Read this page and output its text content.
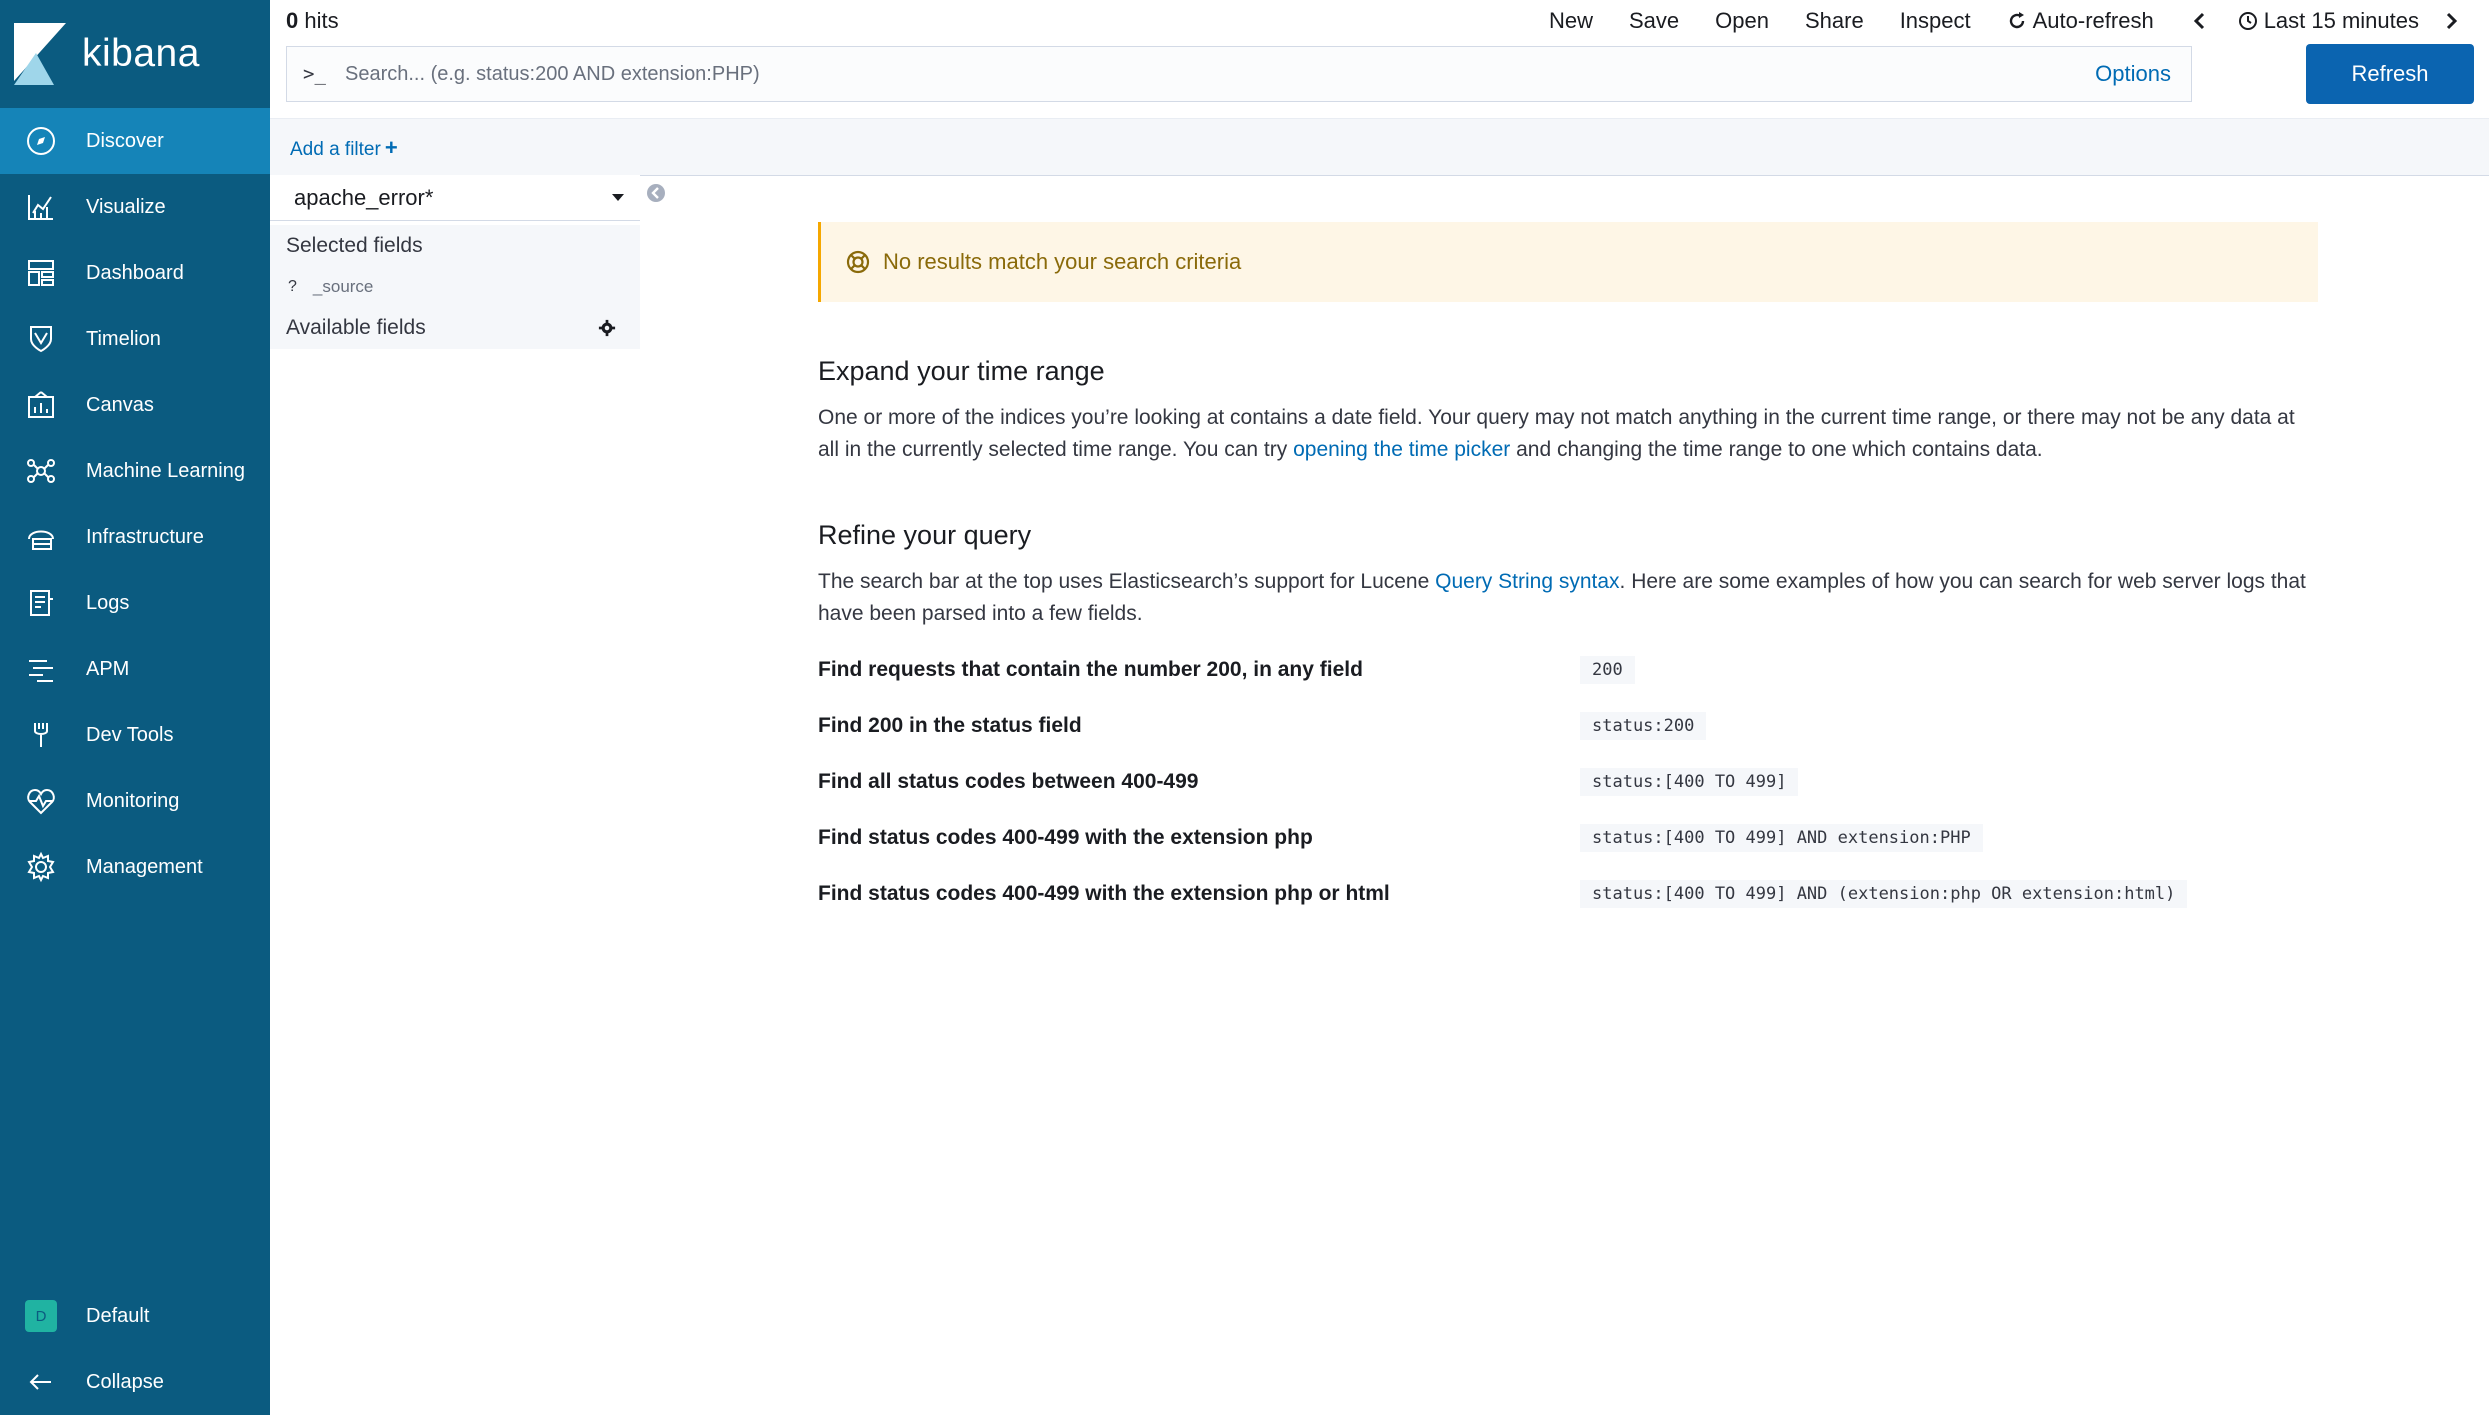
kibana
Discover
Visualize
Dashboard
Timelion
Canvas
Machine Learning
Infrastructure
Logs
APM
Dev Tools
Monitoring
Management
D	Default
Collapse
0 hits	New Save Open Share Inspect	Auto-refresh	Last 15 minutes
>_
Search... (e.g. status:200 AND extension:PHP)	Options	Refresh
Add a filter +
apache_error*
Selected fields
? _source
Available fields
No results match your search criteria
Expand your time range

One or more of the indices you’re looking at contains a date field. Your query may not match anything in the current time range, or there may not be any data at all in the currently selected time range. You can try opening the time picker and changing the time range to one which contains data.

Refine your query

The search bar at the top uses Elasticsearch’s support for Lucene Query String syntax. Here are some examples of how you can search for web server logs that have been parsed into a few fields.

Find requests that contain the number 200, in any field	200
Find 200 in the status field	status:200
Find all status codes between 400-499	status:[400 TO 499]
Find status codes 400-499 with the extension php	status:[400 TO 499] AND extension:PHP
Find status codes 400-499 with the extension php or html	status:[400 TO 499] AND (extension:php OR extension:html)
